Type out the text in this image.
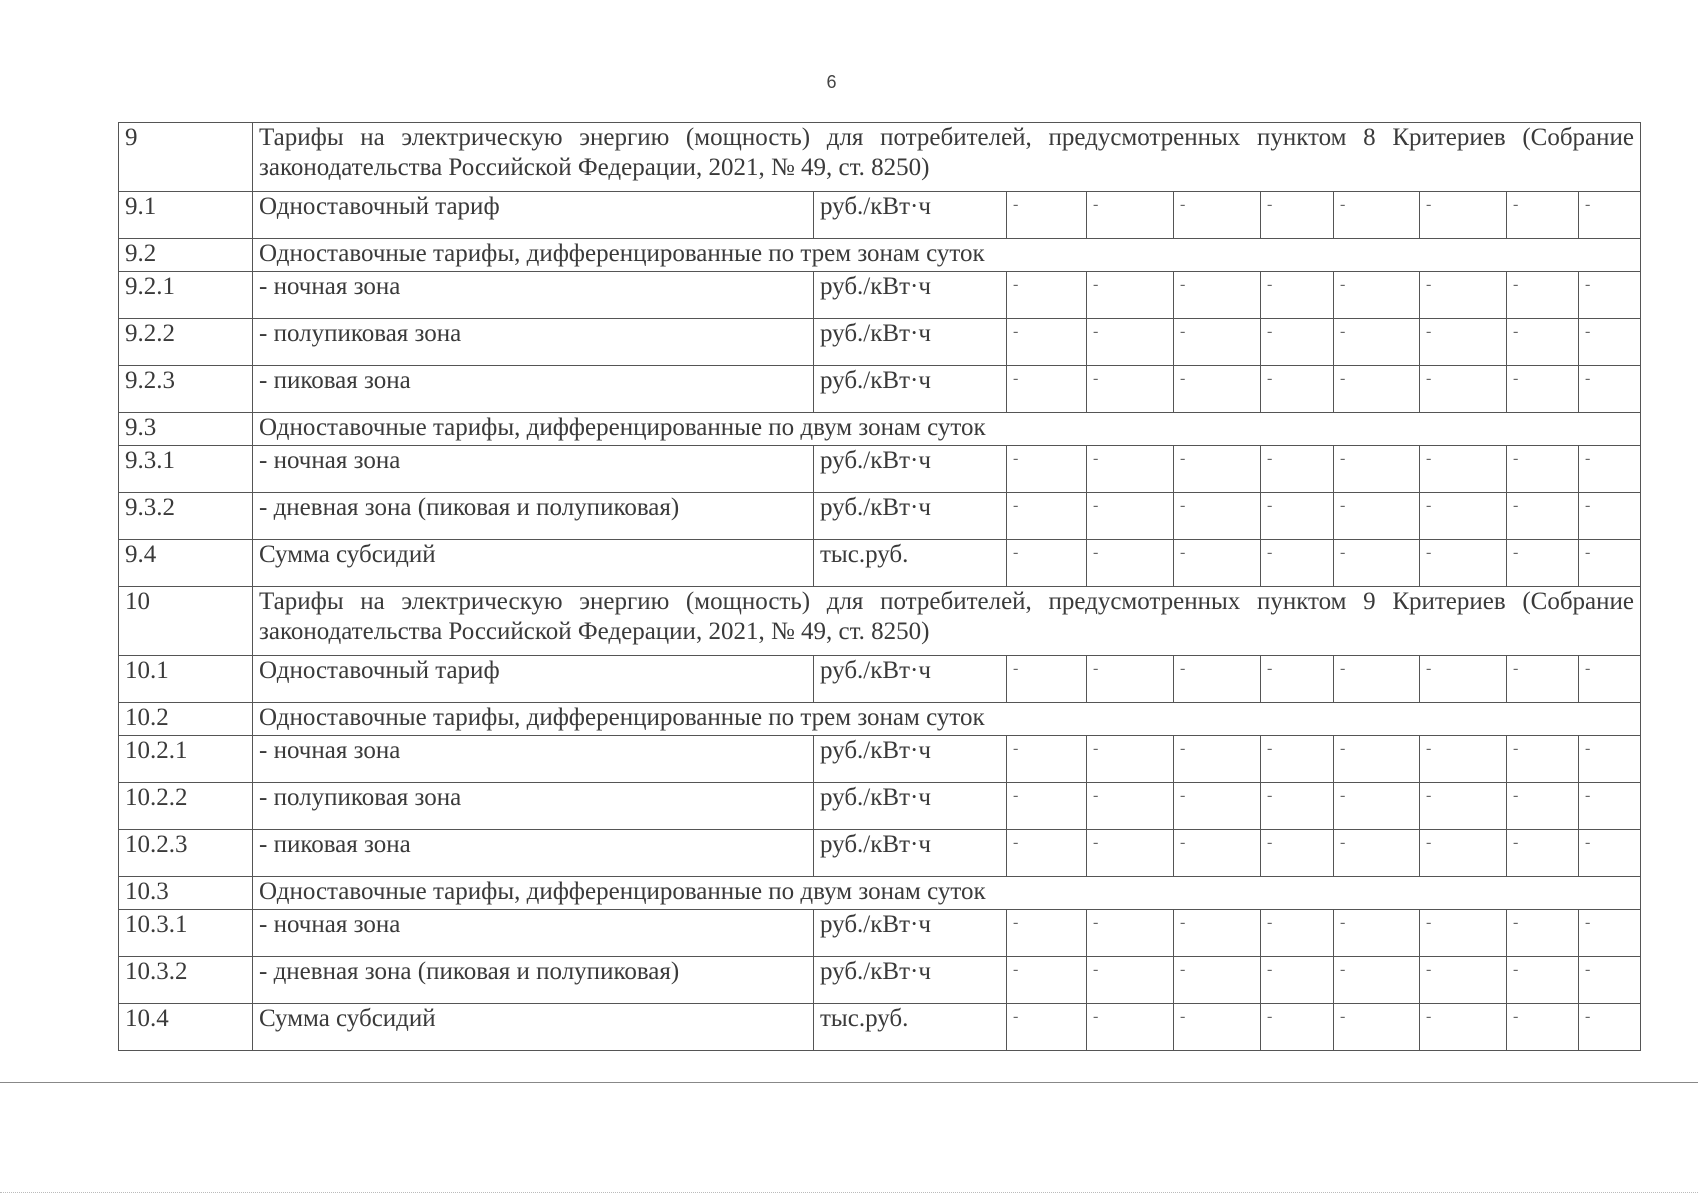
6
9	Тарифы на электрическую энергию (мощность) для потребителей, предусмотренных пунктом 8 Критериев (Собрание законодательства Российской Федерации, 2021, № 49, ст. 8250)									
9.1	Одноставочный тариф	руб./кВт·ч	-	-	-	-	-	-	-	-
9.2	Одноставочные тарифы, дифференцированные по трем зонам суток									
9.2.1	- ночная зона	руб./кВт·ч	-	-	-	-	-	-	-	-
9.2.2	- полупиковая зона	руб./кВт·ч	-	-	-	-	-	-	-	-
9.2.3	- пиковая зона	руб./кВт·ч	-	-	-	-	-	-	-	-
9.3	Одноставочные тарифы, дифференцированные по двум зонам суток									
9.3.1	- ночная зона	руб./кВт·ч	-	-	-	-	-	-	-	-
9.3.2	- дневная зона (пиковая и полупиковая)	руб./кВт·ч	-	-	-	-	-	-	-	-
9.4	Сумма субсидий	тыс.руб.	-	-	-	-	-	-	-	-
10	Тарифы на электрическую энергию (мощность) для потребителей, предусмотренных пунктом 9 Критериев (Собрание законодательства Российской Федерации, 2021, № 49, ст. 8250)									
10.1	Одноставочный тариф	руб./кВт·ч	-	-	-	-	-	-	-	-
10.2	Одноставочные тарифы, дифференцированные по трем зонам суток									
10.2.1	- ночная зона	руб./кВт·ч	-	-	-	-	-	-	-	-
10.2.2	- полупиковая зона	руб./кВт·ч	-	-	-	-	-	-	-	-
10.2.3	- пиковая зона	руб./кВт·ч	-	-	-	-	-	-	-	-
10.3	Одноставочные тарифы, дифференцированные по двум зонам суток									
10.3.1	- ночная зона	руб./кВт·ч	-	-	-	-	-	-	-	-
10.3.2	- дневная зона (пиковая и полупиковая)	руб./кВт·ч	-	-	-	-	-	-	-	-
10.4	Сумма субсидий	тыс.руб.	-	-	-	-	-	-	-	-
